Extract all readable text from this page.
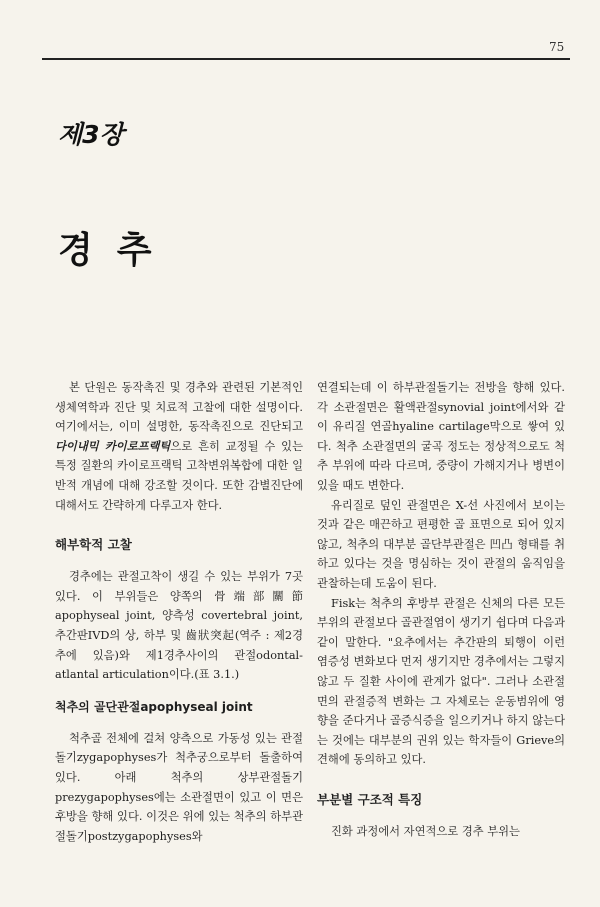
75
제3장
경추

본 단원은 동작촉진 및 경추와 관련된 기본적인 생체역학과 진단 및 치료적 고찰에 대한 설명이다. 여기에서는, 이미 설명한, 동작촉진으로 진단되고 다이내믹 카이로프랙틱으로 흔히 교정될 수 있는 특정 질환의 카이로프랙틱 고착변위복합에 대한 일반적 개념에 대해 강조할 것이다. 또한 감별진단에 대해서도 간략하게 다루고자 한다.

해부학적 고찰

경추에는 관절고착이 생길 수 있는 부위가 7곳 있다. 이 부위들은 양쪽의 骨端部關節apophyseal joint, 양측성 covertebral joint, 추간판IVD의 상, 하부 및 齒狀突起(역주 : 제2경추에 있음)와 제1경추사이의 관절odontal-atlantal articulation이다.(표 3.1.)

척추의 골단관절apophyseal joint

척추골 전체에 걸쳐 양측으로 가동성 있는 관절돌기zygapophyses가 척추궁으로부터 돌출하여 있다. 아래 척추의 상부관절돌기prezygapophyses에는 소관절면이 있고 이 면은 후방을 향해 있다. 이것은 위에 있는 척추의 하부관절돌기postzygapophyses와

연결되는데 이 하부관절돌기는 전방을 향해 있다. 각 소관절면은 활액관절synovial joint에서와 같이 유리질 연골hyaline cartilage막으로 쌓여 있다. 척추 소관절면의 굴곡 정도는 정상적으로도 척추 부위에 따라 다르며, 중량이 가해지거나 병변이 있을 때도 변한다.

유리질로 덮인 관절면은 X-선 사진에서 보이는 것과 같은 매끈하고 편평한 골 표면으로 되어 있지 않고, 척추의 대부분 골단부관절은 凹凸 형태를 취하고 있다는 것을 명심하는 것이 관절의 움직임을 관찰하는데 도움이 된다.

Fisk는 척추의 후방부 관절은 신체의 다른 모든 부위의 관절보다 골관절염이 생기기 쉽다며 다음과 같이 말한다. "요추에서는 추간판의 퇴행이 이런 염증성 변화보다 먼저 생기지만 경추에서는 그렇지 않고 두 질환 사이에 관계가 없다". 그러나 소관절면의 관절증적 변화는 그 자체로는 운동범위에 영향을 준다거나 골증식증을 일으키거나 하지 않는다는 것에는 대부분의 권위 있는 학자들이 Grieve의 견해에 동의하고 있다.

부분별 구조적 특징

진화 과정에서 자연적으로 경추 부위는
